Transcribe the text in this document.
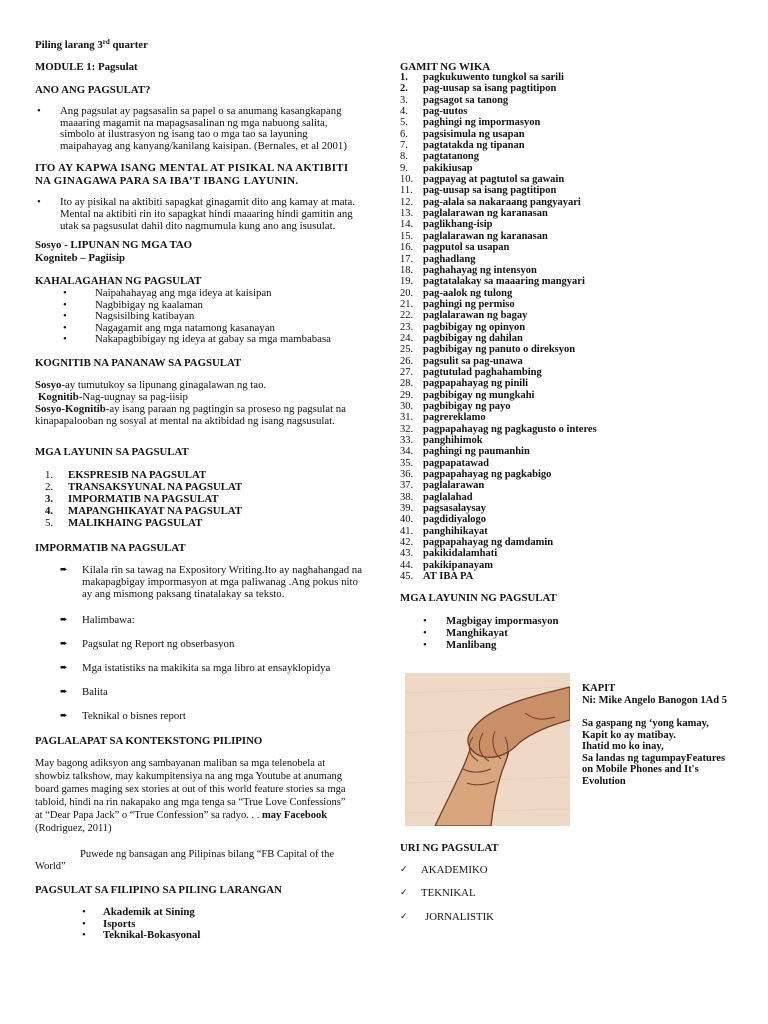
Piling larang 3rd quarter
MODULE 1: Pagsulat
ANO ANG PAGSULAT?
• Ang pagsulat ay pagsasalin sa papel o sa anumang kasangkapang
maaaring magamit na mapagsasalinan ng mga nabuong salita,
simbolo at ilustrasyon ng isang tao o mga tao sa layuning
maipahayag ang kanyang/kanilang kaisipan. (Bernales, et al 2001)
ITO AY KAPWA ISANG MENTAL AT PISIKAL NA AKTIBITI
NA GINAGAWA PARA SA IBA’T IBANG LAYUNIN.
• Ito ay pisikal na aktibiti sapagkat ginagamit dito ang kamay at mata.
Mental na aktibiti rin ito sapagkat hindi maaaring hindi gamitin ang
utak sa pagsusulat dahil dito nagmumula kung ano ang isusulat.
Sosyo - LIPUNAN NG MGA TAO
Kogniteb – Pagiisip
KAHALAGAHAN NG PAGSULAT
•	Naipahahayag ang mga ideya at kaisipan
•	Nagbibigay ng kaalaman
•	Nagsisilbing katibayan
•	Nagagamit ang mga natamong kasanayan
•	Nakapagbibigay ng ideya at gabay sa mga mambabasa
KOGNITIB NA PANANAW SA PAGSULAT
Sosyo-ay tumutukoy sa lipunang ginagalawan ng tao.
Kognitib-Nag-uugnay sa pag-iisip
Sosyo-Kognitib-ay isang paraan ng pagtingin sa proseso ng pagsulat na
kinapapalooban ng sosyal at mental na aktibidad ng isang nagsusulat.
MGA LAYUNIN SA PAGSULAT
1.	EKSPRESIB NA PAGSULAT
2.	TRANSAKSYUNAL NA PAGSULAT
3.	IMPORMATIB NA PAGSULAT
4.	MAPANGHIKAYAT NA PAGSULAT
5.	MALIKHAING PAGSULAT
IMPORMATIB NA PAGSULAT
➨	Kilala rin sa tawag na Expository Writing.Ito ay naghahangad na makapagbigay impormasyon at mga paliwanag .Ang pokus nito ay ang mismong paksang tinatalakay sa teksto.
➨	Halimbawa:
➨	Pagsulat ng Report ng obserbasyon
➨	Mga istatistiks na makikita sa mga libro at ensayklopidya
➨	Balita
➨	Teknikal o bisnes report
PAGLALAPAT SA KONTEKSTONG PILIPINO
May bagong adiksyon ang sambayanan maliban sa mga telenobela at
showbiz talkshow, may kakumpitensiya na ang mga Youtube at anumang
board games maging sex stories at out of this world feature stories sa mga
tabloid, hindi na rin nakapako ang mga tenga sa “True Love Confessions”
at “Dear Papa Jack” o “True Confession” sa radyo. . . may Facebook
(Rodriguez, 2011)
Puwede ng bansagan ang Pilipinas bilang “FB Capital of the
World”
PAGSULAT SA FILIPINO SA PILING LARANGAN
•	Akademik at Sining
•	Isports
•	Teknikal-Bokasyonal
GAMIT NG WIKA
1.	pagkukuwento tungkol sa sarili
2.	pag-uusap sa isang pagtitipon
3.	pagsagot sa tanong
4.	pag-uutos
5.	paghingi ng impormasyon
6.	pagsisimula ng usapan
7.	pagtatakda ng tipanan
8.	pagtatanong
9.	pakikiusap
10. pagpayag at pagtutol sa gawain
11. pag-uusap sa isang pagtitipon
12. pag-alala sa nakaraang pangyayari
13. paglalarawan ng karanasan
14. paglikhang-isip
15. paglalarawan ng karanasan
16. pagputol sa usapan
17. paghadlang
18. paghahayag ng intensyon
19. pagtatalakay sa maaaring mangyari
20. pag-aalok ng tulong
21. paghingi ng permiso
22. paglalarawan ng bagay
23. pagbibigay ng opinyon
24. pagbibigay ng dahilan
25. pagbibigay ng panuto o direksyon
26. pagsulit sa pag-unawa
27. pagtutulad paghahambing
28. pagpapahayag ng pinili
29. pagbibigay ng mungkahi
30. pagbibigay ng payo
31. pagrereklamo
32. pagpapahayag ng pagkagusto o interes
33. panghihimok
34. paghingi ng paumanhin
35. pagpapatawad
36. pagpapahayag ng pagkabigo
37. paglalarawan
38. paglalahad
39. pagsasalaysay
40. pagdidiyalogo
41. panghihikayat
42. pagpapahayag ng damdamin
43. pakikidalamhati
44. pakikipanayam
45. AT IBA PA
MGA LAYUNIN NG PAGSULAT
•	Magbigay impormasyon
•	Manghikayat
•	Manlibang
KAPIT
Ni: Mike Angelo Banogon 1Ad 5
Sa gaspang ng ‘yong kamay,
Kapit ko ay matibay.
Ihatid mo ko inay,
Sa landas ng tagumpayFeatures
on Mobile Phones and It's
Evolution
URI NG PAGSULAT
✓	AKADEMIKO
✓	TEKNIKAL
✓	JORNALISTIK
